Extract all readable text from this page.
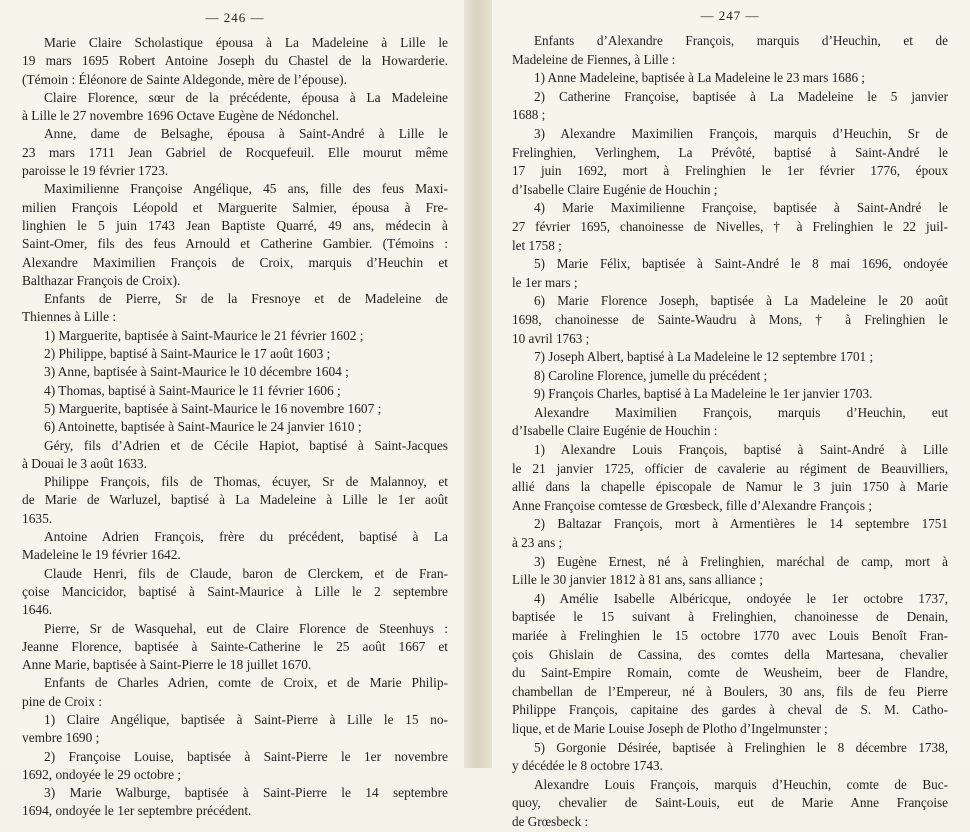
— 246 —
Marie Claire Scholastique épousa à La Madeleine à Lille le
19 mars 1695 Robert Antoine Joseph du Chastel de la Howarderie.
(Témoin : Éléonore de Sainte Aldegonde, mère de l’épouse).
Claire Florence, sœur de la précédente, épousa à La Madeleine
à Lille le 27 novembre 1696 Octave Eugène de Nédonchel.
Anne, dame de Belsaghe, épousa à Saint-André à Lille le
23 mars 1711 Jean Gabriel de Rocquefeuil. Elle mourut même
paroisse le 19 février 1723.
Maximilienne Françoise Angélique, 45 ans, fille des feus Maxi-
milien François Léopold et Marguerite Salmier, épousa à Fre-
linghien le 5 juin 1743 Jean Baptiste Quarré, 49 ans, médecin à
Saint-Omer, fils des feus Arnould et Catherine Gambier. (Témoins :
Alexandre Maximilien François de Croix, marquis d’Heuchin et
Balthazar François de Croix).
Enfants de Pierre, Sr de la Fresnoye et de Madeleine de
Thiennes à Lille :
1) Marguerite, baptisée à Saint-Maurice le 21 février 1602 ;
2) Philippe, baptisé à Saint-Maurice le 17 août 1603 ;
3) Anne, baptisée à Saint-Maurice le 10 décembre 1604 ;
4) Thomas, baptisé à Saint-Maurice le 11 février 1606 ;
5) Marguerite, baptisée à Saint-Maurice le 16 novembre 1607 ;
6) Antoinette, baptisée à Saint-Maurice le 24 janvier 1610 ;
Géry, fils d’Adrien et de Cécile Hapiot, baptisé à Saint-Jacques
à Douai le 3 août 1633.
Philippe François, fils de Thomas, écuyer, Sr de Malannoy, et
de Marie de Warluzel, baptisé à La Madeleine à Lille le 1er août
1635.
Antoine Adrien François, frère du précédent, baptisé à La
Madeleine le 19 février 1642.
Claude Henri, fils de Claude, baron de Clerckem, et de Fran-
çoise Mancicidor, baptisé à Saint-Maurice à Lille le 2 septembre
1646.
Pierre, Sr de Wasquehal, eut de Claire Florence de Steenhuys :
Jeanne Florence, baptisée à Sainte-Catherine le 25 août 1667 et
Anne Marie, baptisée à Saint-Pierre le 18 juillet 1670.
Enfants de Charles Adrien, comte de Croix, et de Marie Philip-
pine de Croix :
1) Claire Angélique, baptisée à Saint-Pierre à Lille le 15 no-
vembre 1690 ;
2) Françoise Louise, baptisée à Saint-Pierre le 1er novembre
1692, ondoyée le 29 octobre ;
3) Marie Walburge, baptisée à Saint-Pierre le 14 septembre
1694, ondoyée le 1er septembre précédent.
— 247 —
Enfants d’Alexandre François, marquis d’Heuchin, et de
Madeleine de Fiennes, à Lille :
1) Anne Madeleine, baptisée à La Madeleine le 23 mars 1686 ;
2) Catherine Françoise, baptisée à La Madeleine le 5 janvier
1688 ;
3) Alexandre Maximilien François, marquis d’Heuchin, Sr de
Frelinghien, Verlinghem, La Prévôté, baptisé à Saint-André le
17 juin 1692, mort à Frelinghien le 1er février 1776, époux
d’Isabelle Claire Eugénie de Houchin ;
4) Marie Maximilienne Françoise, baptisée à Saint-André le
27 février 1695, chanoinesse de Nivelles, † à Frelinghien le 22 juil-
let 1758 ;
5) Marie Félix, baptisée à Saint-André le 8 mai 1696, ondoyée
le 1er mars ;
6) Marie Florence Joseph, baptisée à La Madeleine le 20 août
1698, chanoinesse de Sainte-Waudru à Mons, † à Frelinghien le
10 avril 1763 ;
7) Joseph Albert, baptisé à La Madeleine le 12 septembre 1701 ;
8) Caroline Florence, jumelle du précédent ;
9) François Charles, baptisé à La Madeleine le 1er janvier 1703.
Alexandre Maximilien François, marquis d’Heuchin, eut
d’Isabelle Claire Eugénie de Houchin :
1) Alexandre Louis François, baptisé à Saint-André à Lille
le 21 janvier 1725, officier de cavalerie au régiment de Beauvilliers,
allié dans la chapelle épiscopale de Namur le 3 juin 1750 à Marie
Anne Françoise comtesse de Grœsbeck, fille d’Alexandre François ;
2) Baltazar François, mort à Armentières le 14 septembre 1751
à 23 ans ;
3) Eugène Ernest, né à Frelinghien, maréchal de camp, mort à
Lille le 30 janvier 1812 à 81 ans, sans alliance ;
4) Amélie Isabelle Albéricque, ondoyée le 1er octobre 1737,
baptisée le 15 suivant à Frelinghien, chanoinesse de Denain,
mariée à Frelinghien le 15 octobre 1770 avec Louis Benoît Fran-
çois Ghislain de Cassina, des comtes della Martesana, chevalier
du Saint-Empire Romain, comte de Weusheim, beer de Flandre,
chambellan de l’Empereur, né à Boulers, 30 ans, fils de feu Pierre
Philippe François, capitaine des gardes à cheval de S. M. Catho-
lique, et de Marie Louise Joseph de Plotho d’Ingelmunster ;
5) Gorgonie Désirée, baptisée à Frelinghien le 8 décembre 1738,
y décédée le 8 octobre 1743.
Alexandre Louis François, marquis d’Heuchin, comte de Buc-
quoy, chevalier de Saint-Louis, eut de Marie Anne Françoise
de Grœsbeck :
